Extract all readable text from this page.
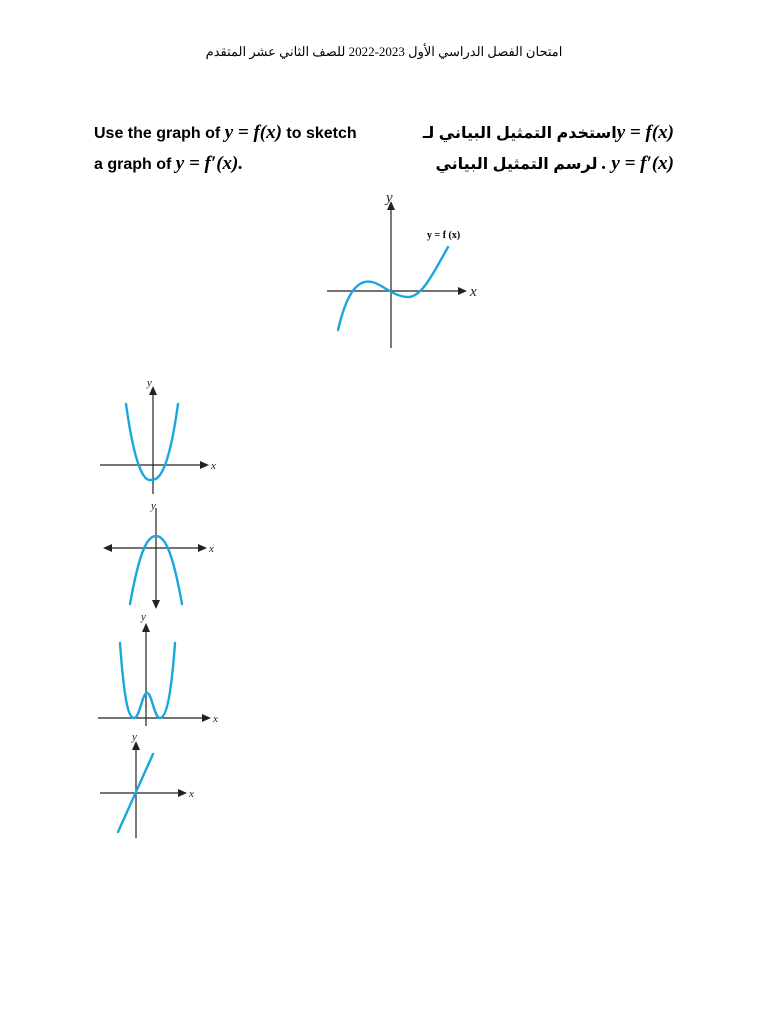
امتحان الفصل الدراسي الأول 2023-2022 للصف الثاني عشر المتقدم
Use the graph of y = f(x) to sketch
a graph of y = f′(x).
استخدم التمثيل البياني لـ y = f(x)
لرسم التمثيل البياني . y = f′(x)
x
y
y = f (x)
x
y
x
y
x
y
x
y
